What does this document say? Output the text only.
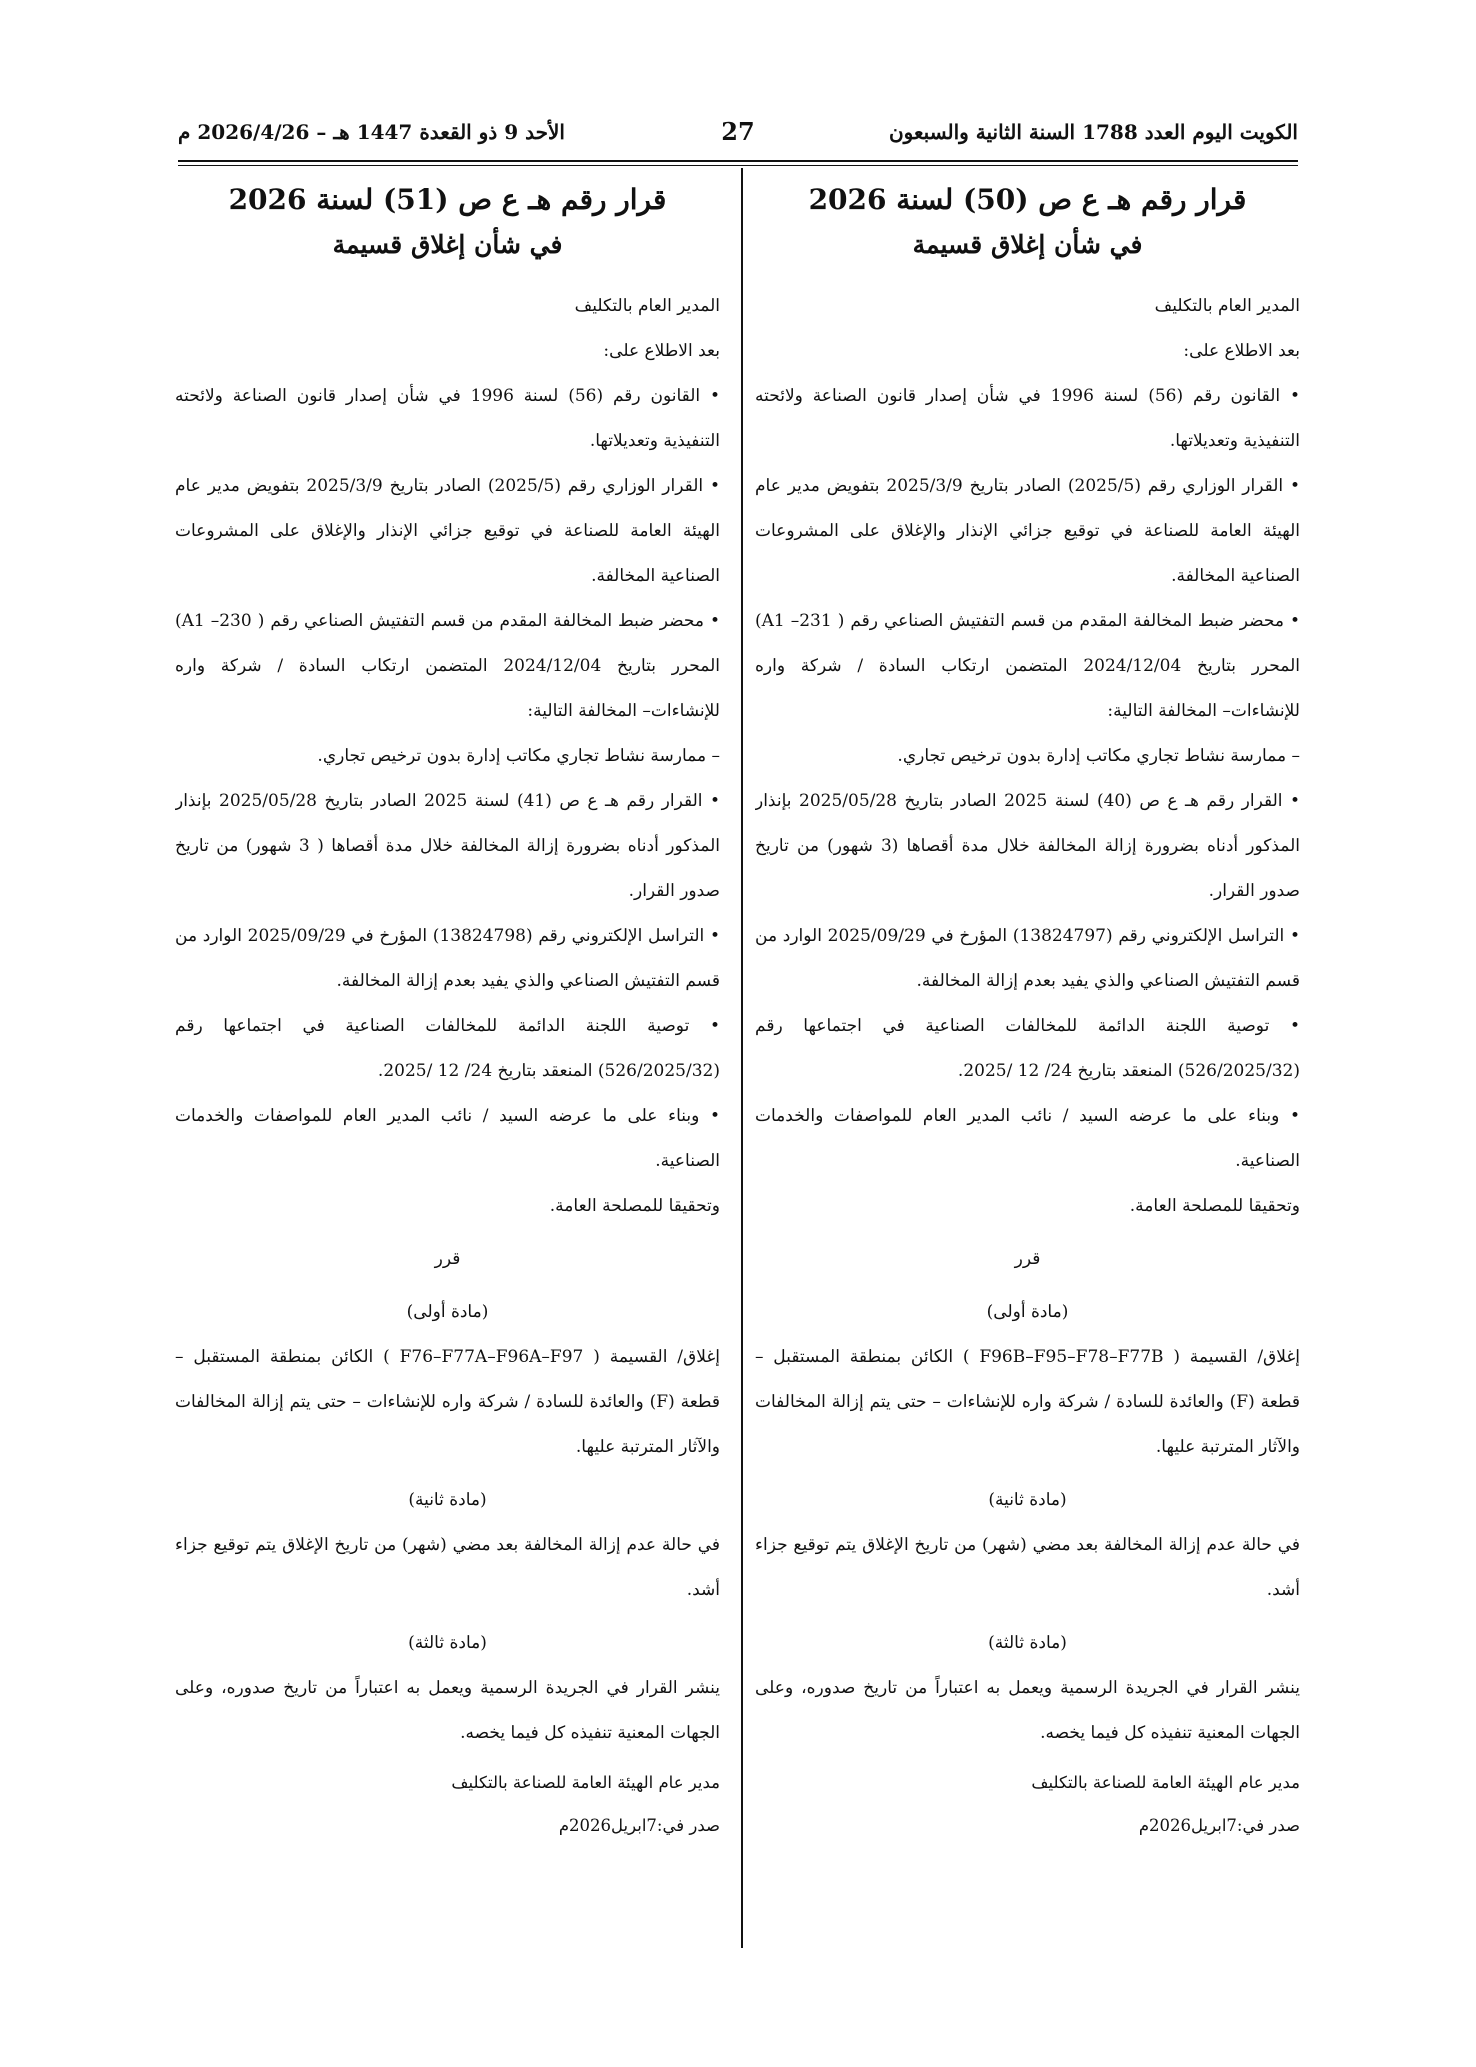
الكويت اليوم العدد 1788 السنة الثانية والسبعون
27
الأحد 9 ذو القعدة 1447 هـ – 2026/4/26 م

قرار رقم هـ ع ص (50) لسنة 2026

في شأن إغلاق قسيمة

المدير العام بالتكليف

بعد الاطلاع على:

• القانون رقم (56) لسنة 1996 في شأن إصدار قانون الصناعة ولائحته التنفيذية وتعديلاتها.

• القرار الوزاري رقم (2025/5) الصادر بتاريخ 2025/3/9 بتفويض مدير عام الهيئة العامة للصناعة في توقيع جزائي الإنذار والإغلاق على المشروعات الصناعية المخالفة.

• محضر ضبط المخالفة المقدم من قسم التفتيش الصناعي رقم ( A1 –231) المحرر بتاريخ 2024/12/04 المتضمن ارتكاب السادة / شركة واره للإنشاءات– المخالفة التالية:

– ممارسة نشاط تجاري مكاتب إدارة بدون ترخيص تجاري.

• القرار رقم هـ ع ص (40) لسنة 2025 الصادر بتاريخ 2025/05/28 بإنذار المذكور أدناه بضرورة إزالة المخالفة خلال مدة أقصاها (3 شهور) من تاريخ صدور القرار.

• التراسل الإلكتروني رقم (13824797) المؤرخ في 2025/09/29 الوارد من قسم التفتيش الصناعي والذي يفيد بعدم إزالة المخالفة.

• توصية اللجنة الدائمة للمخالفات الصناعية في اجتماعها رقم (526/2025/32) المنعقد بتاريخ 24/ 12 /2025.

• وبناء على ما عرضه السيد / نائب المدير العام للمواصفات والخدمات الصناعية.

وتحقيقا للمصلحة العامة.

قرر

(مادة أولى)

إغلاق/ القسيمة ( F96B–F95–F78–F77B ) الكائن بمنطقة المستقبل – قطعة (F) والعائدة للسادة / شركة واره للإنشاءات – حتى يتم إزالة المخالفات والآثار المترتبة عليها.

(مادة ثانية)

في حالة عدم إزالة المخالفة بعد مضي (شهر) من تاريخ الإغلاق يتم توقيع جزاء أشد.

(مادة ثالثة)

ينشر القرار في الجريدة الرسمية ويعمل به اعتباراً من تاريخ صدوره، وعلى الجهات المعنية تنفيذه كل فيما يخصه.

مدير عام الهيئة العامة للصناعة بالتكليف

صدر في:7ابريل2026م

قرار رقم هـ ع ص (51) لسنة 2026

في شأن إغلاق قسيمة

المدير العام بالتكليف

بعد الاطلاع على:

• القانون رقم (56) لسنة 1996 في شأن إصدار قانون الصناعة ولائحته التنفيذية وتعديلاتها.

• القرار الوزاري رقم (2025/5) الصادر بتاريخ 2025/3/9 بتفويض مدير عام الهيئة العامة للصناعة في توقيع جزائي الإنذار والإغلاق على المشروعات الصناعية المخالفة.

• محضر ضبط المخالفة المقدم من قسم التفتيش الصناعي رقم ( A1 –230) المحرر بتاريخ 2024/12/04 المتضمن ارتكاب السادة / شركة واره للإنشاءات– المخالفة التالية:

– ممارسة نشاط تجاري مكاتب إدارة بدون ترخيص تجاري.

• القرار رقم هـ ع ص (41) لسنة 2025 الصادر بتاريخ 2025/05/28 بإنذار المذكور أدناه بضرورة إزالة المخالفة خلال مدة أقصاها ( 3 شهور) من تاريخ صدور القرار.

• التراسل الإلكتروني رقم (13824798) المؤرخ في 2025/09/29 الوارد من قسم التفتيش الصناعي والذي يفيد بعدم إزالة المخالفة.

• توصية اللجنة الدائمة للمخالفات الصناعية في اجتماعها رقم (526/2025/32) المنعقد بتاريخ 24/ 12 /2025.

• وبناء على ما عرضه السيد / نائب المدير العام للمواصفات والخدمات الصناعية.

وتحقيقا للمصلحة العامة.

قرر

(مادة أولى)

إغلاق/ القسيمة ( F76–F77A–F96A–F97 ) الكائن بمنطقة المستقبل – قطعة (F) والعائدة للسادة / شركة واره للإنشاءات – حتى يتم إزالة المخالفات والآثار المترتبة عليها.

(مادة ثانية)

في حالة عدم إزالة المخالفة بعد مضي (شهر) من تاريخ الإغلاق يتم توقيع جزاء أشد.

(مادة ثالثة)

ينشر القرار في الجريدة الرسمية ويعمل به اعتباراً من تاريخ صدوره، وعلى الجهات المعنية تنفيذه كل فيما يخصه.

مدير عام الهيئة العامة للصناعة بالتكليف

صدر في:7ابريل2026م
